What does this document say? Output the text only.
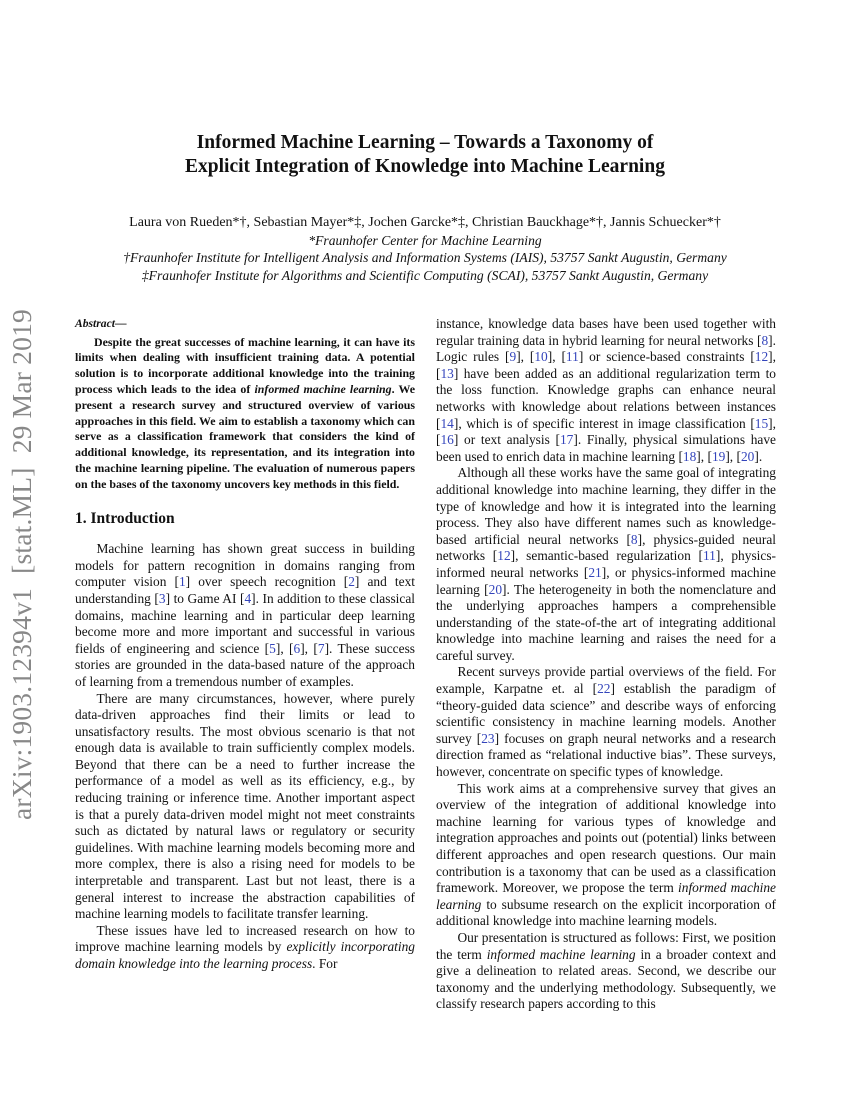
arXiv:1903.12394v1  [stat.ML]  29 Mar 2019
Informed Machine Learning – Towards a Taxonomy of
Explicit Integration of Knowledge into Machine Learning
Laura von Rueden*†, Sebastian Mayer*‡, Jochen Garcke*‡, Christian Bauckhage*†, Jannis Schuecker*†
*Fraunhofer Center for Machine Learning
†Fraunhofer Institute for Intelligent Analysis and Information Systems (IAIS), 53757 Sankt Augustin, Germany
‡Fraunhofer Institute for Algorithms and Scientific Computing (SCAI), 53757 Sankt Augustin, Germany
Abstract—

Despite the great successes of machine learning, it can have its limits when dealing with insufficient training data. A potential solution is to incorporate additional knowledge into the training process which leads to the idea of informed machine learning. We present a research survey and structured overview of various approaches in this field. We aim to establish a taxonomy which can serve as a classification framework that considers the kind of additional knowledge, its representation, and its integration into the machine learning pipeline. The evaluation of numerous papers on the bases of the taxonomy uncovers key methods in this field.

1. Introduction

Machine learning has shown great success in building models for pattern recognition in domains ranging from computer vision [1] over speech recognition [2] and text understanding [3] to Game AI [4]. In addition to these classical domains, machine learning and in particular deep learning become more and more important and successful in various fields of engineering and science [5], [6], [7]. These success stories are grounded in the data-based nature of the approach of learning from a tremendous number of examples.

There are many circumstances, however, where purely data-driven approaches find their limits or lead to unsatisfactory results. The most obvious scenario is that not enough data is available to train sufficiently complex models. Beyond that there can be a need to further increase the performance of a model as well as its efficiency, e.g., by reducing training or inference time. Another important aspect is that a purely data-driven model might not meet constraints such as dictated by natural laws or regulatory or security guidelines. With machine learning models becoming more and more complex, there is also a rising need for models to be interpretable and transparent. Last but not least, there is a general interest to increase the abstraction capabilities of machine learning models to facilitate transfer learning.

These issues have led to increased research on how to improve machine learning models by explicitly incorporating domain knowledge into the learning process. For

instance, knowledge data bases have been used together with regular training data in hybrid learning for neural networks [8]. Logic rules [9], [10], [11] or science-based constraints [12], [13] have been added as an additional regularization term to the loss function. Knowledge graphs can enhance neural networks with knowledge about relations between instances [14], which is of specific interest in image classification [15], [16] or text analysis [17]. Finally, physical simulations have been used to enrich data in machine learning [18], [19], [20].

Although all these works have the same goal of integrating additional knowledge into machine learning, they differ in the type of knowledge and how it is integrated into the learning process. They also have different names such as knowledge-based artificial neural networks [8], physics-guided neural networks [12], semantic-based regularization [11], physics-informed neural networks [21], or physics-informed machine learning [20]. The heterogeneity in both the nomenclature and the underlying approaches hampers a comprehensible understanding of the state-of-the art of integrating additional knowledge into machine learning and raises the need for a careful survey.

Recent surveys provide partial overviews of the field. For example, Karpatne et. al [22] establish the paradigm of “theory-guided data science” and describe ways of enforcing scientific consistency in machine learning models. Another survey [23] focuses on graph neural networks and a research direction framed as “relational inductive bias”. These surveys, however, concentrate on specific types of knowledge.

This work aims at a comprehensive survey that gives an overview of the integration of additional knowledge into machine learning for various types of knowledge and integration approaches and points out (potential) links between different approaches and open research questions. Our main contribution is a taxonomy that can be used as a classification framework. Moreover, we propose the term informed machine learning to subsume research on the explicit incorporation of additional knowledge into machine learning models.

Our presentation is structured as follows: First, we position the term informed machine learning in a broader context and give a delineation to related areas. Second, we describe our taxonomy and the underlying methodology. Subsequently, we classify research papers according to this
